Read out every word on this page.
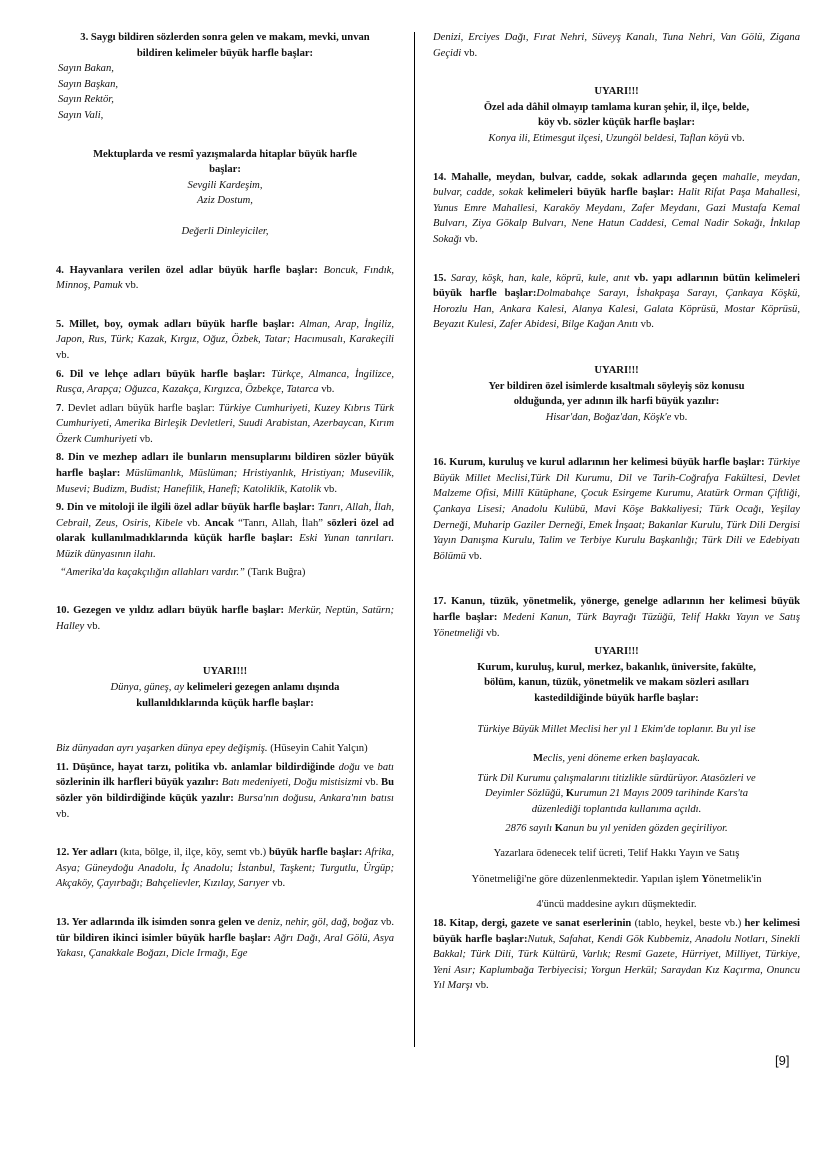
3. Saygı bildiren sözlerden sonra gelen ve makam, mevki, unvan
bildiren kelimeler büyük harfle başlar:

Sayın Bakan,

Sayın Başkan,

Sayın Rektör,

Sayın Vali,

Mektuplarda ve resmî yazışmalarda hitaplar büyük harfle
başlar:

Sevgili Kardeşim,

Aziz Dostum,

Değerli Dinleyiciler,

4. Hayvanlara verilen özel adlar büyük harfle başlar: Boncuk, Fındık, Minnoş, Pamuk vb.

5. Millet, boy, oymak adları büyük harfle başlar: Alman, Arap, İngiliz, Japon, Rus, Türk; Kazak, Kırgız, Oğuz, Özbek, Tatar; Hacımusalı, Karakeçili vb.

6. Dil ve lehçe adları büyük harfle başlar: Türkçe, Almanca, İngilizce, Rusça, Arapça; Oğuzca, Kazakça, Kırgızca, Özbekçe, Tatarca vb.

7. Devlet adları büyük harfle başlar: Türkiye Cumhuriyeti, Kuzey Kıbrıs Türk Cumhuriyeti, Amerika Birleşik Devletleri, Suudi Arabistan, Azerbaycan, Kırım Özerk Cumhuriyeti vb.

8. Din ve mezhep adları ile bunların mensuplarını bildiren sözler büyük harfle başlar: Müslümanlık, Müslüman; Hristiyanlık, Hristiyan; Musevilik, Musevi; Budizm, Budist; Hanefilik, Hanefî; Katoliklik, Katolik vb.

9. Din ve mitoloji ile ilgili özel adlar büyük harfle başlar: Tanrı, Allah, İlah, Cebrail, Zeus, Osiris, Kibele vb. Ancak “Tanrı, Allah, İlah” sözleri özel ad olarak kullanılmadıklarında küçük harfle başlar: Eski Yunan tanrıları. Müzik dünyasının ilahı.

“Amerika'da kaçakçılığın allahları vardır.” (Tarık Buğra)

10. Gezegen ve yıldız adları büyük harfle başlar: Merkür, Neptün, Satürn; Halley vb.

UYARI!!!

Dünya, güneş, ay kelimeleri gezegen anlamı dışında
kullanıldıklarında küçük harfle başlar:

Biz dünyadan ayrı yaşarken dünya epey değişmiş. (Hüseyin Cahit Yalçın)

11. Düşünce, hayat tarzı, politika vb. anlamlar bildirdiğinde doğu ve batı sözlerinin ilk harfleri büyük yazılır: Batı medeniyeti, Doğu mistisizmi vb. Bu sözler yön bildirdiğinde küçük yazılır: Bursa'nın doğusu, Ankara'nın batısı vb.

12. Yer adları (kıta, bölge, il, ilçe, köy, semt vb.) büyük harfle başlar: Afrika, Asya; Güneydoğu Anadolu, İç Anadolu; İstanbul, Taşkent; Turgutlu, Ürgüp; Akçaköy, Çayırbağı; Bahçelievler, Kızılay, Sarıyer vb.

13. Yer adlarında ilk isimden sonra gelen ve deniz, nehir, göl, dağ, boğaz vb. tür bildiren ikinci isimler büyük harfle başlar: Ağrı Dağı, Aral Gölü, Asya Yakası, Çanakkale Boğazı, Dicle Irmağı, Ege

Denizi, Erciyes Dağı, Fırat Nehri, Süveyş Kanalı, Tuna Nehri, Van Gölü, Zigana Geçidi vb.

UYARI!!!

Özel ada dâhil olmayıp tamlama kuran şehir, il, ilçe, belde,
köy vb. sözler küçük harfle başlar:

Konya ili, Etimesgut ilçesi, Uzungöl beldesi, Taflan köyü vb.

14. Mahalle, meydan, bulvar, cadde, sokak adlarında geçen mahalle, meydan, bulvar, cadde, sokak kelimeleri büyük harfle başlar: Halit Rifat Paşa Mahallesi, Yunus Emre Mahallesi, Karaköy Meydanı, Zafer Meydanı, Gazi Mustafa Kemal Bulvarı, Ziya Gökalp Bulvarı, Nene Hatun Caddesi, Cemal Nadir Sokağı, İnkılap Sokağı vb.

15. Saray, köşk, han, kale, köprü, kule, anıt vb. yapı adlarının bütün kelimeleri büyük harfle başlar:Dolmabahçe Sarayı, İshakpaşa Sarayı, Çankaya Köşkü, Horozlu Han, Ankara Kalesi, Alanya Kalesi, Galata Köprüsü, Mostar Köprüsü, Beyazıt Kulesi, Zafer Abidesi, Bilge Kağan Anıtı vb.

UYARI!!!

Yer bildiren özel isimlerde kısaltmalı söyleyiş söz konusu
olduğunda, yer adının ilk harfi büyük yazılır:

Hisar'dan, Boğaz'dan, Köşk'e vb.

16. Kurum, kuruluş ve kurul adlarının her kelimesi büyük harfle başlar: Türkiye Büyük Millet Meclisi,Türk Dil Kurumu, Dil ve Tarih-Coğrafya Fakültesi, Devlet Malzeme Ofisi, Millî Kütüphane, Çocuk Esirgeme Kurumu, Atatürk Orman Çiftliği, Çankaya Lisesi; Anadolu Kulübü, Mavi Köşe Bakkaliyesi; Türk Ocağı, Yeşilay Derneği, Muharip Gaziler Derneği, Emek İnşaat; Bakanlar Kurulu, Türk Dili Dergisi Yayın Danışma Kurulu, Talim ve Terbiye Kurulu Başkanlığı; Türk Dili ve Edebiyatı Bölümü vb.

17. Kanun, tüzük, yönetmelik, yönerge, genelge adlarının her kelimesi büyük harfle başlar: Medeni Kanun, Türk Bayrağı Tüzüğü, Telif Hakkı Yayın ve Satış Yönetmeliği vb.

UYARI!!!

Kurum, kuruluş, kurul, merkez, bakanlık, üniversite, fakülte,
bölüm, kanun, tüzük, yönetmelik ve makam sözleri asılları
kastedildiğinde büyük harfle başlar:

Türkiye Büyük Millet Meclisi her yıl 1 Ekim'de toplanır. Bu yıl ise

Meclis, yeni döneme erken başlayacak.

Türk Dil Kurumu çalışmalarını titizlikle sürdürüyor. Atasözleri ve

Deyimler Sözlüğü, Kurumun 21 Mayıs 2009 tarihinde Kars'ta

düzenlediği toplantıda kullanıma açıldı.

2876 sayılı Kanun bu yıl yeniden gözden geçiriliyor.

Yazarlara ödenecek telif ücreti, Telif Hakkı Yayın ve Satış

Yönetmeliği'ne göre düzenlenmektedir. Yapılan işlem Yönetmelik'in

4'üncü maddesine aykırı düşmektedir.

18. Kitap, dergi, gazete ve sanat eserlerinin (tablo, heykel, beste vb.) her kelimesi büyük harfle başlar:Nutuk, Safahat, Kendi Gök Kubbemiz, Anadolu Notları, Sinekli Bakkal; Türk Dili, Türk Kültürü, Varlık; Resmî Gazete, Hürriyet, Milliyet, Türkiye, Yeni Asır; Kaplumbağa Terbiyecisi; Yorgun Herkül; Saraydan Kız Kaçırma, Onuncu Yıl Marşı vb.

[9]
